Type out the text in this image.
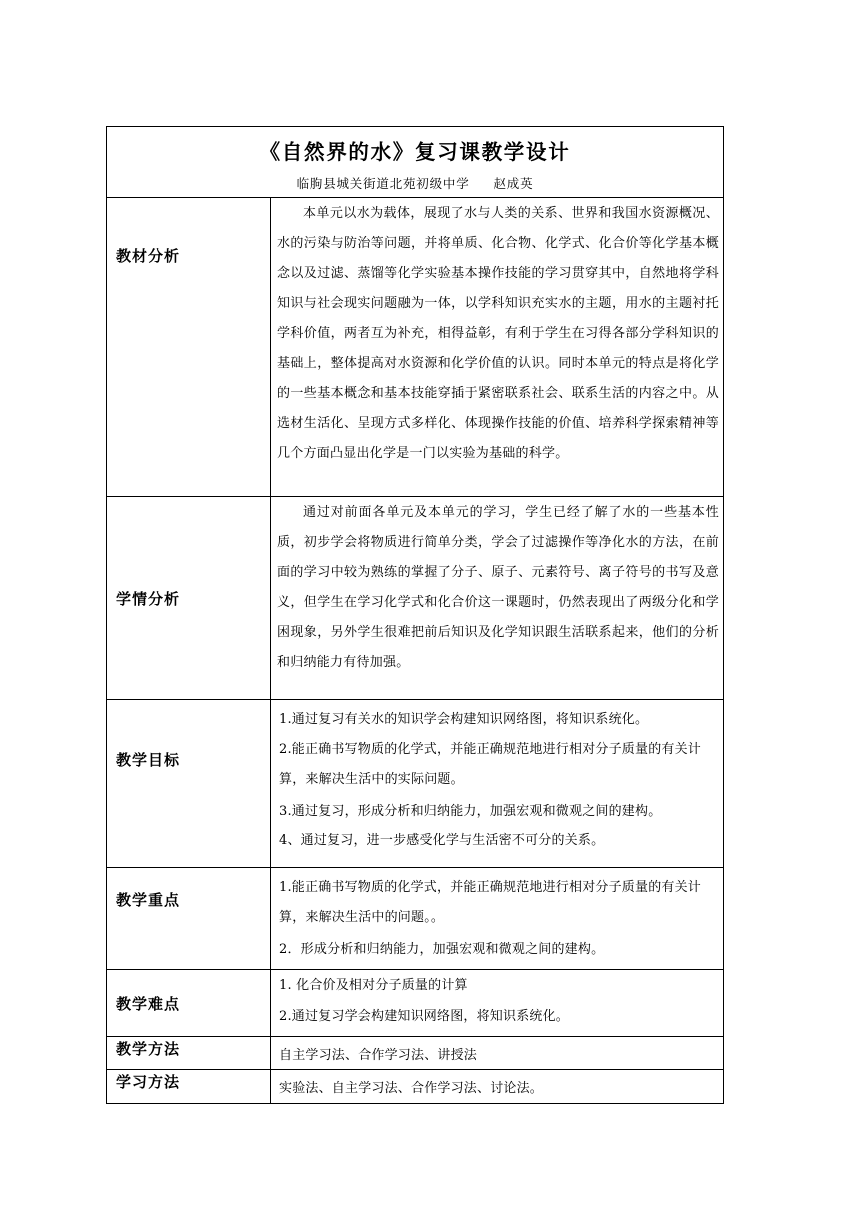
《自然界的水》复习课教学设计
临朐县城关街道北苑初级中学 赵成英	

教材分析	本单元以水为载体，展现了水与人类的关系、世界和我国水资源概况、水的污染与防治等问题，并将单质、化合物、化学式、化合价等化学基本概念以及过滤、蒸馏等化学实验基本操作技能的学习贯穿其中，自然地将学科知识与社会现实问题融为一体，以学科知识充实水的主题，用水的主题衬托学科价值，两者互为补充，相得益彰，有利于学生在习得各部分学科知识的基础上，整体提高对水资源和化学价值的认识。同时本单元的特点是将化学的一些基本概念和基本技能穿插于紧密联系社会、联系生活的内容之中。从选材生活化、呈现方式多样化、体现操作技能的价值、培养科学探索精神等几个方面凸显出化学是一门以实验为基础的科学。

学情分析	通过对前面各单元及本单元的学习，学生已经了解了水的一些基本性质，初步学会将物质进行简单分类，学会了过滤操作等净化水的方法，在前面的学习中较为熟练的掌握了分子、原子、元素符号、离子符号的书写及意义，但学生在学习化学式和化合价这一课题时，仍然表现出了两级分化和学困现象，另外学生很难把前后知识及化学知识跟生活联系起来，他们的分析和归纳能力有待加强。

教学目标	1.通过复习有关水的知识学会构建知识网络图，将知识系统化。

2.能正确书写物质的化学式，并能正确规范地进行相对分子质量的有关计算，来解决生活中的实际问题。

3.通过复习，形成分析和归纳能力，加强宏观和微观之间的建构。

4、通过复习，进一步感受化学与生活密不可分的关系。

教学重点	1.能正确书写物质的化学式，并能正确规范地进行相对分子质量的有关计算，来解决生活中的问题。。

2．形成分析和归纳能力，加强宏观和微观之间的建构。

教学难点	1. 化合价及相对分子质量的计算

2.通过复习学会构建知识网络图，将知识系统化。

教学方法	自主学习法、合作学习法、讲授法
学习方法	实验法、自主学习法、合作学习法、讨论法。
